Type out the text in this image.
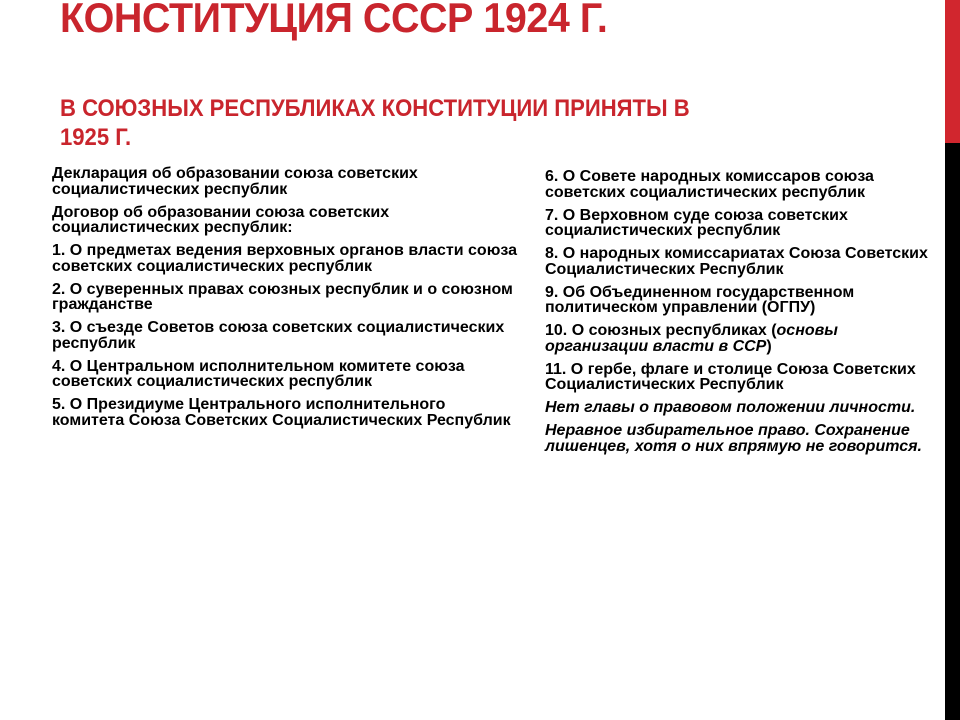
КОНСТИТУЦИЯ СССР 1924 Г.
В СОЮЗНЫХ РЕСПУБЛИКАХ КОНСТИТУЦИИ ПРИНЯТЫ В 1925 Г.

Декларация об образовании союза советских социалистических республик

Договор об образовании союза советских социалистических республик:

1. О предметах ведения верховных органов власти союза советских социалистических республик

2. О суверенных правах союзных республик и о союзном гражданстве

3. О съезде Советов союза советских социалистических республик

4. О Центральном исполнительном комитете союза советских социалистических республик

5. О Президиуме Центрального исполнительного комитета Союза Советских Социалистических Республик

6. О Совете народных комиссаров союза советских социалистических республик

7. О Верховном суде союза советских социалистических республик

8. О народных комиссариатах Союза Советских Социалистических Республик

9. Об Объединенном государственном политическом управлении (ОГПУ)

10. О союзных республиках (основы организации власти в ССР)

11. О гербе, флаге и столице Союза Советских Социалистических Республик

Нет главы о правовом положении личности.

Неравное избирательное право. Сохранение лишенцев, хотя о них впрямую не говорится.
